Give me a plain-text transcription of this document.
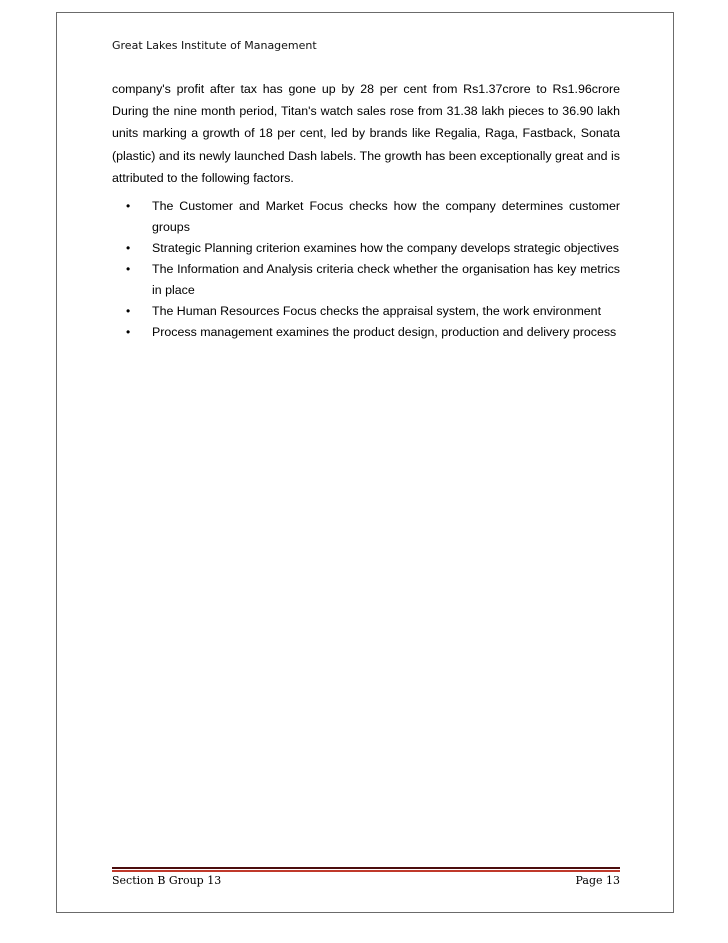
Great Lakes Institute of Management
company's profit after tax has gone up by 28 per cent from Rs1.37crore to Rs1.96crore
During the nine month period, Titan's watch sales rose from 31.38 lakh pieces to 36.90 lakh
units marking a growth of 18 per cent, led by brands like Regalia, Raga, Fastback, Sonata
(plastic) and its newly launched Dash labels. The growth has been exceptionally great and is
attributed to the following factors.
• The Customer and Market Focus checks how the company determines customer groups
• Strategic Planning criterion examines how the company develops strategic objectives
• The Information and Analysis criteria check whether the organisation has key metrics in place
• The Human Resources Focus checks the appraisal system, the work environment
• Process management examines the product design, production and delivery process
Section B Group 13	Page 13
